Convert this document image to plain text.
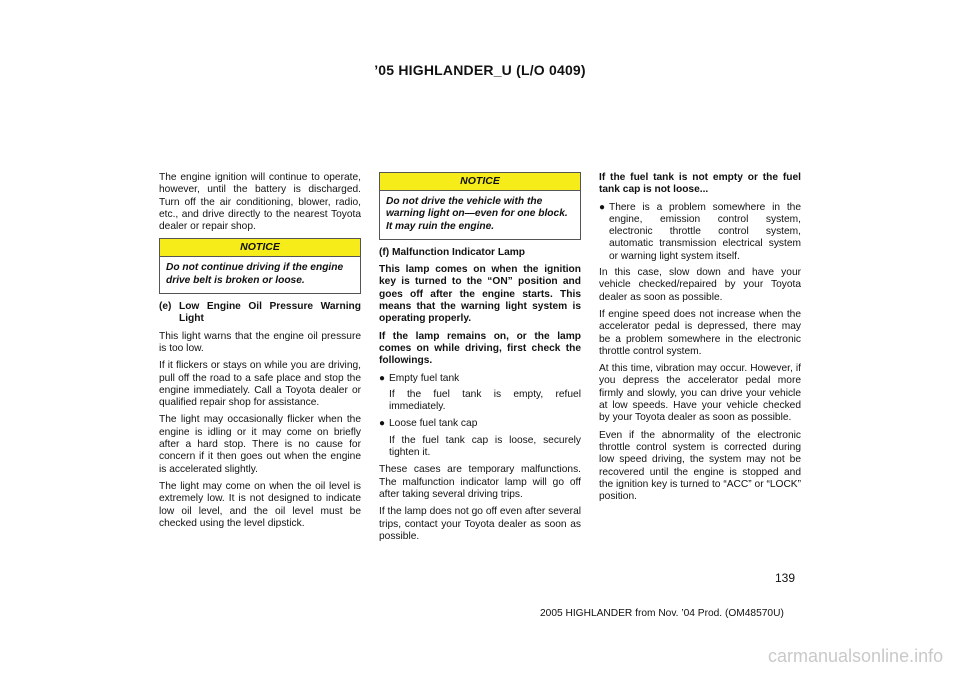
’05 HIGHLANDER_U (L/O 0409)

The engine ignition will continue to operate, however, until the battery is discharged. Turn off the air conditioning, blower, radio, etc., and drive directly to the nearest Toyota dealer or repair shop.

NOTICE
Do not continue driving if the engine drive belt is broken or loose.

(e) Low Engine Oil Pressure Warning Light

This light warns that the engine oil pressure is too low.

If it flickers or stays on while you are driving, pull off the road to a safe place and stop the engine immediately. Call a Toyota dealer or qualified repair shop for assistance.

The light may occasionally flicker when the engine is idling or it may come on briefly after a hard stop. There is no cause for concern if it then goes out when the engine is accelerated slightly.

The light may come on when the oil level is extremely low. It is not designed to indicate low oil level, and the oil level must be checked using the level dipstick.

NOTICE
Do not drive the vehicle with the warning light on—even for one block. It may ruin the engine.

(f) Malfunction Indicator Lamp

This lamp comes on when the ignition key is turned to the “ON” position and goes off after the engine starts. This means that the warning light system is operating properly.

If the lamp remains on, or the lamp comes on while driving, first check the followings.

● Empty fuel tank

If the fuel tank is empty, refuel immediately.

● Loose fuel tank cap

If the fuel tank cap is loose, securely tighten it.

These cases are temporary malfunctions. The malfunction indicator lamp will go off after taking several driving trips.

If the lamp does not go off even after several trips, contact your Toyota dealer as soon as possible.

If the fuel tank is not empty or the fuel tank cap is not loose...

● There is a problem somewhere in the engine, emission control system, electronic throttle control system, automatic transmission electrical system or warning light system itself.

In this case, slow down and have your vehicle checked/repaired by your Toyota dealer as soon as possible.

If engine speed does not increase when the accelerator pedal is depressed, there may be a problem somewhere in the electronic throttle control system.

At this time, vibration may occur. However, if you depress the accelerator pedal more firmly and slowly, you can drive your vehicle at low speeds. Have your vehicle checked by your Toyota dealer as soon as possible.

Even if the abnormality of the electronic throttle control system is corrected during low speed driving, the system may not be recovered until the engine is stopped and the ignition key is turned to “ACC” or “LOCK” position.

139
2005 HIGHLANDER from Nov. ’04 Prod. (OM48570U)
carmanualsonline.info
